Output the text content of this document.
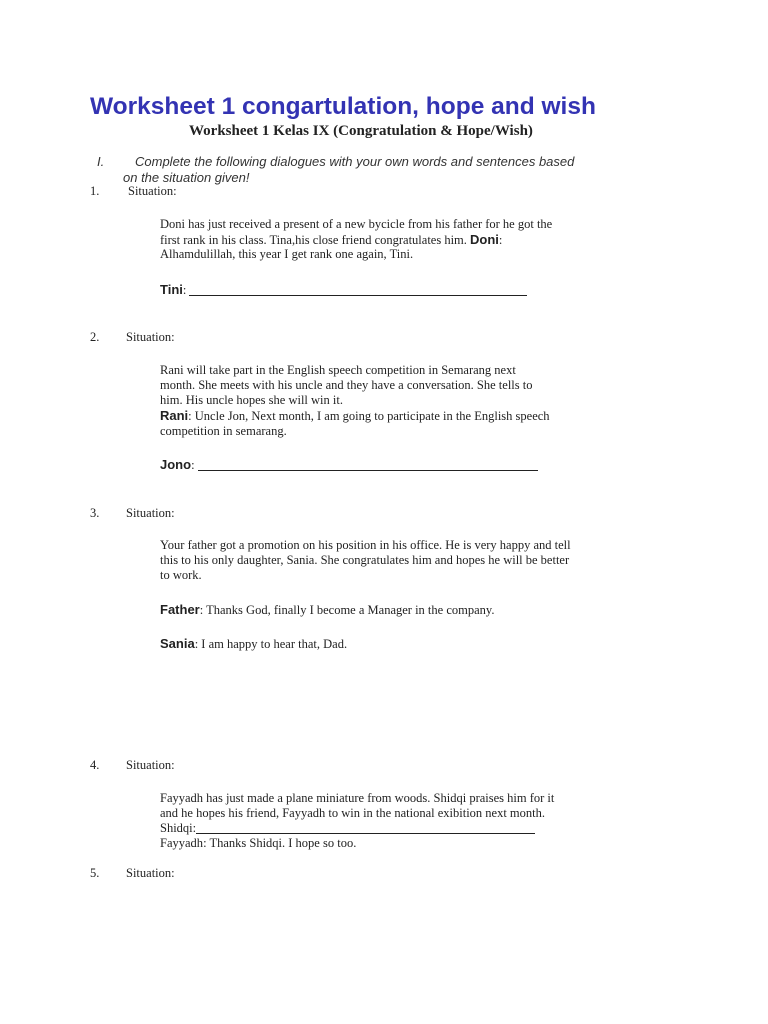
Worksheet 1 congartulation, hope and wish
Worksheet 1 Kelas IX (Congratulation & Hope/Wish)
I. Complete the following dialogues with your own words and sentences based
on the situation given!
1. Situation:
Doni has just received a present of a new bycicle from his father for he got the
first rank in his class. Tina,his close friend congratulates him. Doni:
Alhamdulillah, this year I get rank one again, Tini.
Tini:
2. Situation:
Rani will take part in the English speech competition in Semarang next
month. She meets with his uncle and they have a conversation. She tells to
him. His uncle hopes she will win it.
Rani: Uncle Jon, Next month, I am going to participate in the English speech
competition in semarang.
Jono:
3. Situation:
Your father got a promotion on his position in his office. He is very happy and tell
this to his only daughter, Sania. She congratulates him and hopes he will be better
to work.
Father: Thanks God, finally I become a Manager in the company.
Sania: I am happy to hear that, Dad.
4. Situation:
Fayyadh has just made a plane miniature from woods. Shidqi praises him for it
and he hopes his friend, Fayyadh to win in the national exibition next month.
Shidqi:
Fayyadh: Thanks Shidqi. I hope so too.
5. Situation:
